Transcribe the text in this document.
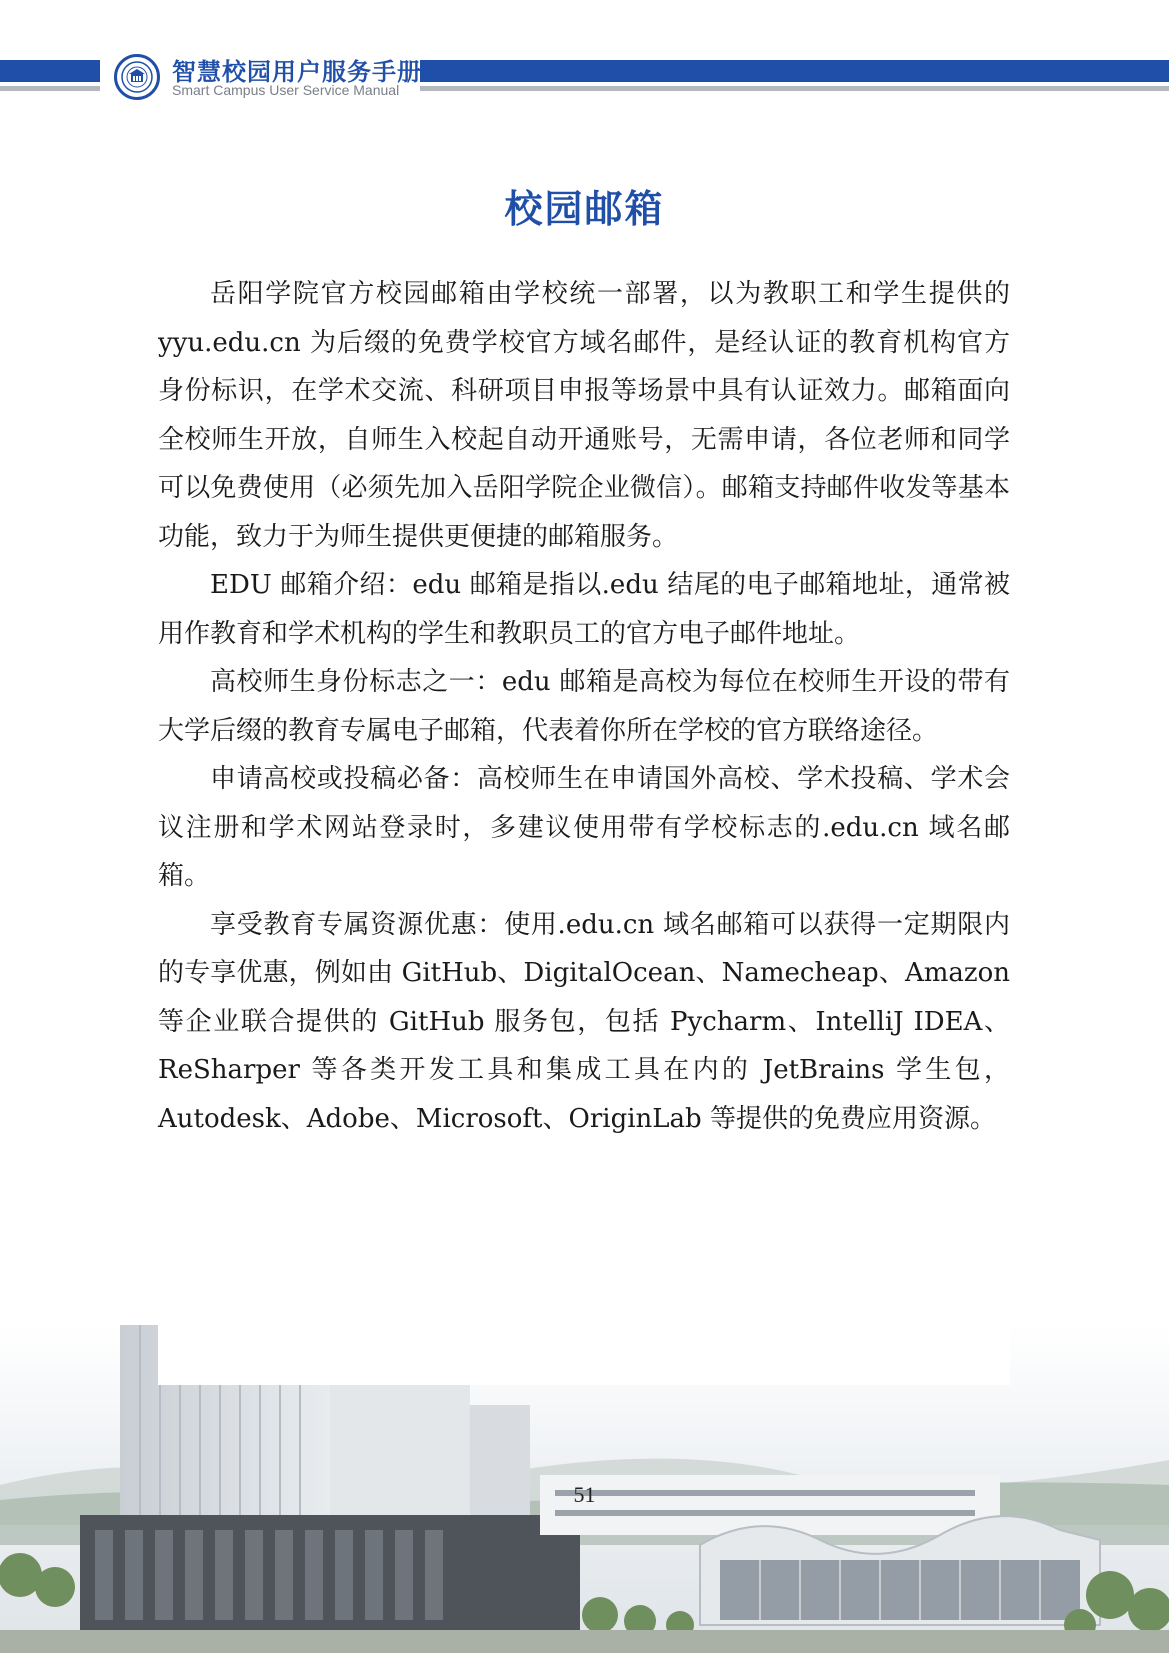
智慧校园用户服务手册
Smart Campus User Service Manual
校园邮箱

岳阳学院官方校园邮箱由学校统一部署，以为教职工和学生提供的 yyu.edu.cn 为后缀的免费学校官方域名邮件，是经认证的教育机构官方身份标识，在学术交流、科研项目申报等场景中具有认证效力。邮箱面向全校师生开放，自师生入校起自动开通账号，无需申请，各位老师和同学可以免费使用（必须先加入岳阳学院企业微信）。邮箱支持邮件收发等基本功能，致力于为师生提供更便捷的邮箱服务。

EDU 邮箱介绍：edu 邮箱是指以.edu 结尾的电子邮箱地址，通常被用作教育和学术机构的学生和教职员工的官方电子邮件地址。

高校师生身份标志之一：edu 邮箱是高校为每位在校师生开设的带有大学后缀的教育专属电子邮箱，代表着你所在学校的官方联络途径。

申请高校或投稿必备：高校师生在申请国外高校、学术投稿、学术会议注册和学术网站登录时，多建议使用带有学校标志的.edu.cn 域名邮箱。

享受教育专属资源优惠：使用.edu.cn 域名邮箱可以获得一定期限内的专享优惠，例如由 GitHub、DigitalOcean、Namecheap、Amazon 等企业联合提供的 GitHub 服务包，包括 Pycharm、IntelliJ IDEA、ReSharper 等各类开发工具和集成工具在内的 JetBrains 学生包，Autodesk、Adobe、Microsoft、OriginLab 等提供的免费应用资源。

51
